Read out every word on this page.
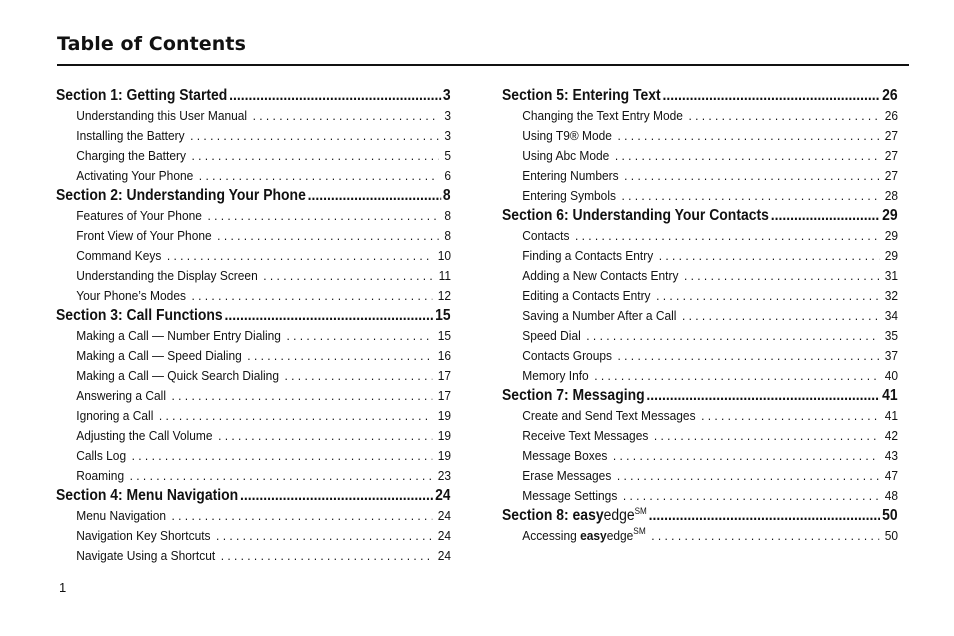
Table of Contents
Section 1: Getting Started .....	3
Understanding this User Manual . . .	3
Installing the Battery . . .	3
Charging the Battery . . .	5
Activating Your Phone . . .	6
Section 2: Understanding Your Phone .....	8
Features of Your Phone . . .	8
Front View of Your Phone . . .	8
Command Keys . . .	10
Understanding the Display Screen . . .	11
Your Phone’s Modes . . .	12
Section 3: Call Functions .....	15
Making a Call — Number Entry Dialing . . .	15
Making a Call — Speed Dialing . . .	16
Making a Call — Quick Search Dialing . . .	17
Answering a Call . . .	17
Ignoring a Call . . .	19
Adjusting the Call Volume . . .	19
Calls Log . . .	19
Roaming . . .	23
Section 4: Menu Navigation .....	24
Menu Navigation . . .	24
Navigation Key Shortcuts . . .	24
Navigate Using a Shortcut . . .	24
Section 5: Entering Text .....	26
Changing the Text Entry Mode . . .	26
Using T9® Mode . . .	27
Using Abc Mode . . .	27
Entering Numbers . . .	27
Entering Symbols . . .	28
Section 6: Understanding Your Contacts .....	29
Contacts . . .	29
Finding a Contacts Entry . . .	29
Adding a New Contacts Entry . . .	31
Editing a Contacts Entry . . .	32
Saving a Number After a Call . . .	34
Speed Dial . . .	35
Contacts Groups . . .	37
Memory Info . . .	40
Section 7: Messaging .....	41
Create and Send Text Messages . . .	41
Receive Text Messages . . .	42
Message Boxes . . .	43
Erase Messages . . .	47
Message Settings . . .	48
Section 8: easyedge℠ .....	50
Accessing easyedge℠ . . .	50
1
